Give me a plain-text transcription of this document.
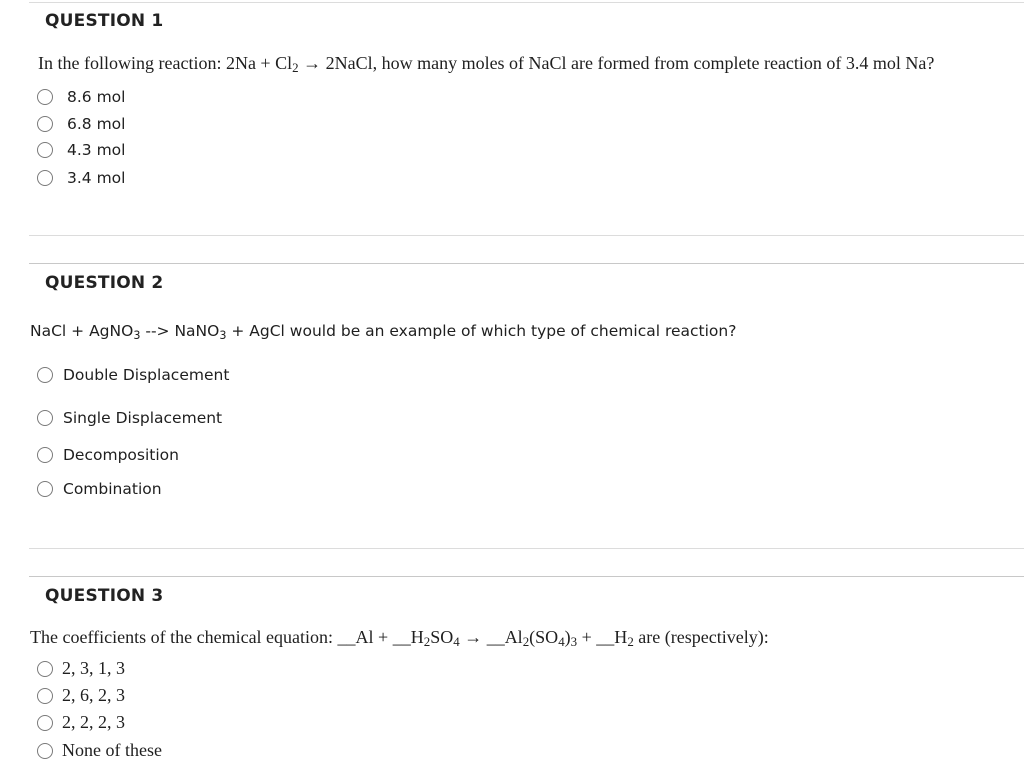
QUESTION 1
In the following reaction: $2Na + Cl_2$ → 2NaCl, how many moles of NaCl are formed from complete reaction of 3.4 mol Na?
8.6 mol
6.8 mol
4.3 mol
3.4 mol
QUESTION 2
NaCl + AgNO$_3$ --> NaNO$_3$ + AgCl would be an example of which type of chemical reaction?
Double Displacement
Single Displacement
Decomposition
Combination
QUESTION 3
The coefficients of the chemical equation: __Al + $\_\_H_2SO_4$ → $\_\_Al_2(SO_4)_3$ + $\_\_H_2$ are (respectively):
2, 3, 1, 3
2, 6, 2, 3
2, 2, 2, 3
None of these
